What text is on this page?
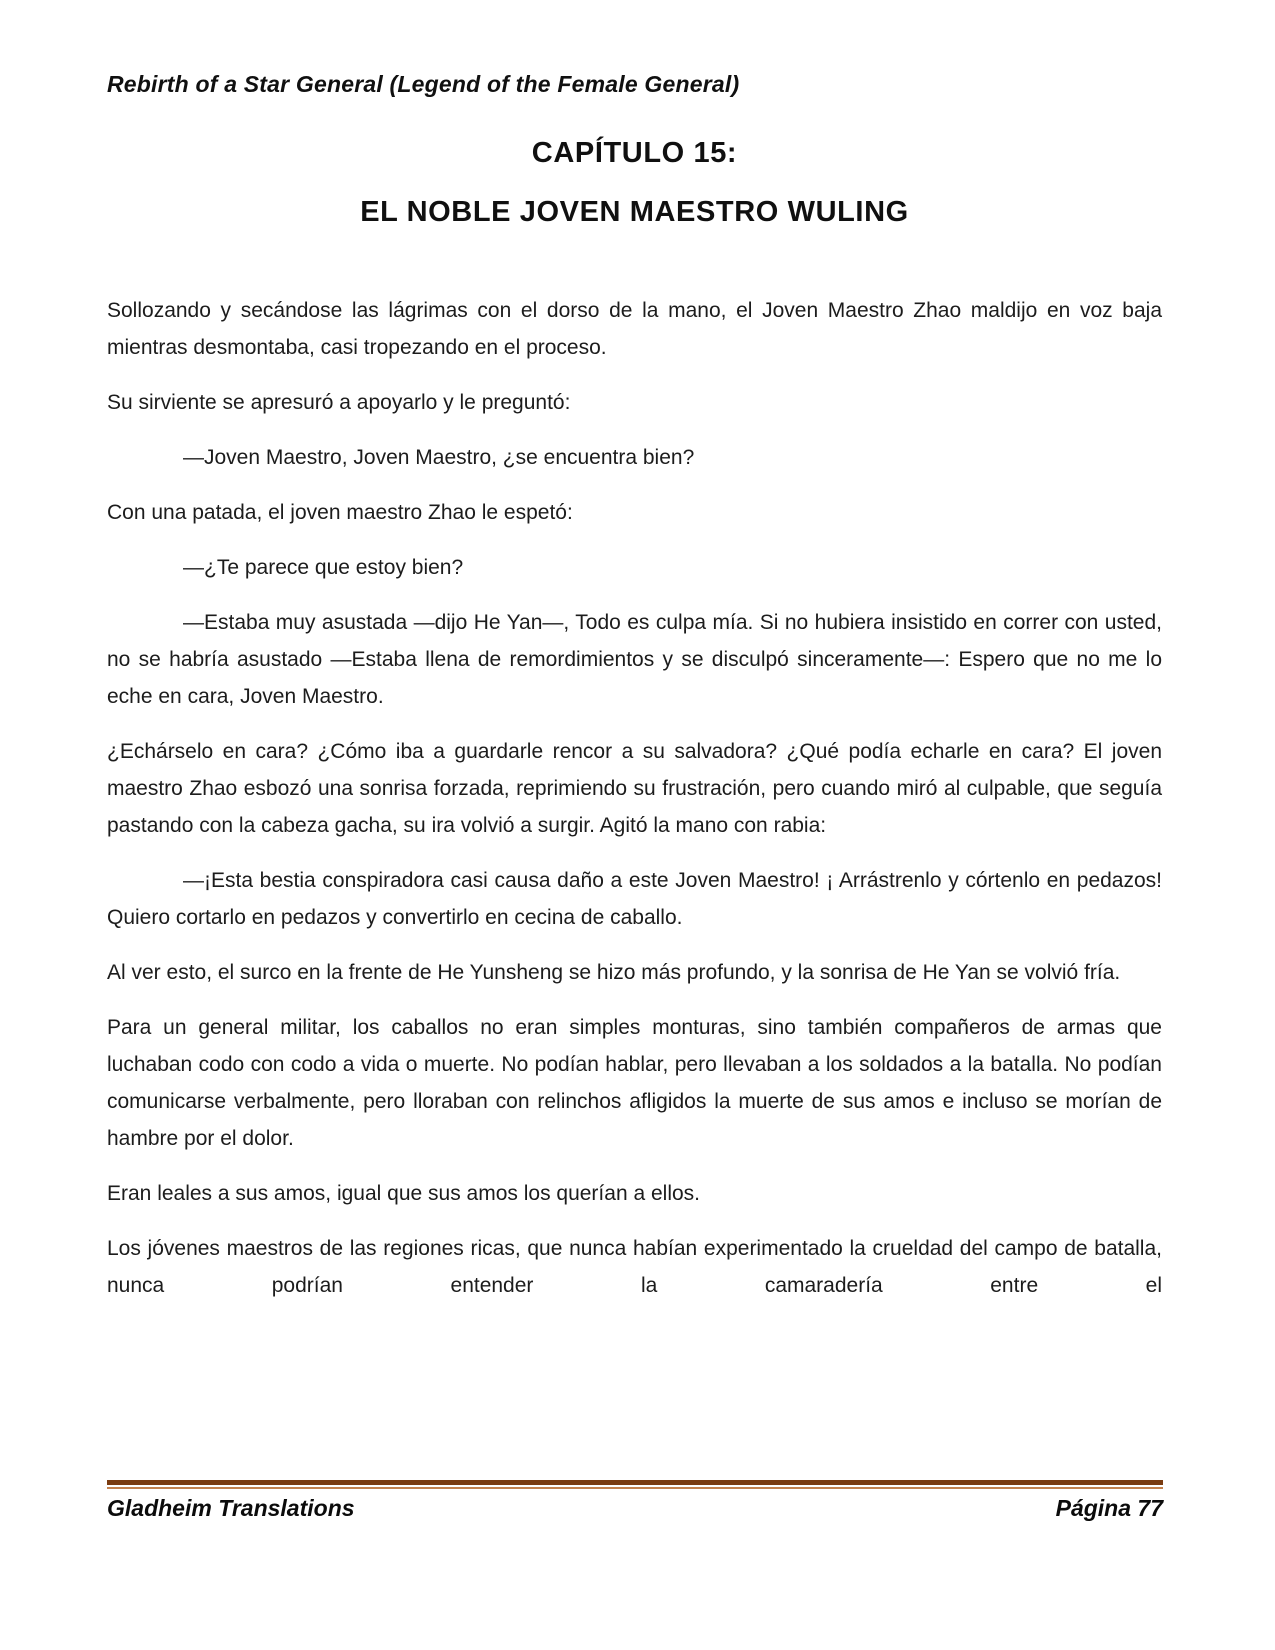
Rebirth of a Star General (Legend of the Female General)

CAPÍTULO 15:

EL NOBLE JOVEN MAESTRO WULING

Sollozando y secándose las lágrimas con el dorso de la mano, el Joven Maestro Zhao maldijo en voz baja mientras desmontaba, casi tropezando en el proceso.

Su sirviente se apresuró a apoyarlo y le preguntó:

—Joven Maestro, Joven Maestro, ¿se encuentra bien?

Con una patada, el joven maestro Zhao le espetó:

—¿Te parece que estoy bien?

—Estaba muy asustada —dijo He Yan—, Todo es culpa mía. Si no hubiera insistido en correr con usted, no se habría asustado —Estaba llena de remordimientos y se disculpó sinceramente—: Espero que no me lo eche en cara, Joven Maestro.

¿Echárselo en cara? ¿Cómo iba a guardarle rencor a su salvadora? ¿Qué podía echarle en cara? El joven maestro Zhao esbozó una sonrisa forzada, reprimiendo su frustración, pero cuando miró al culpable, que seguía pastando con la cabeza gacha, su ira volvió a surgir. Agitó la mano con rabia:

—¡Esta bestia conspiradora casi causa daño a este Joven Maestro! ¡ Arrástrenlo y córtenlo en pedazos! Quiero cortarlo en pedazos y convertirlo en cecina de caballo.

Al ver esto, el surco en la frente de He Yunsheng se hizo más profundo, y la sonrisa de He Yan se volvió fría.

Para un general militar, los caballos no eran simples monturas, sino también compañeros de armas que luchaban codo con codo a vida o muerte. No podían hablar, pero llevaban a los soldados a la batalla. No podían comunicarse verbalmente, pero lloraban con relinchos afligidos la muerte de sus amos e incluso se morían de hambre por el dolor.

Eran leales a sus amos, igual que sus amos los querían a ellos.

Los jóvenes maestros de las regiones ricas, que nunca habían experimentado la crueldad del campo de batalla, nunca podrían entender la camaradería entre el

Gladheim Translations	Página 77
